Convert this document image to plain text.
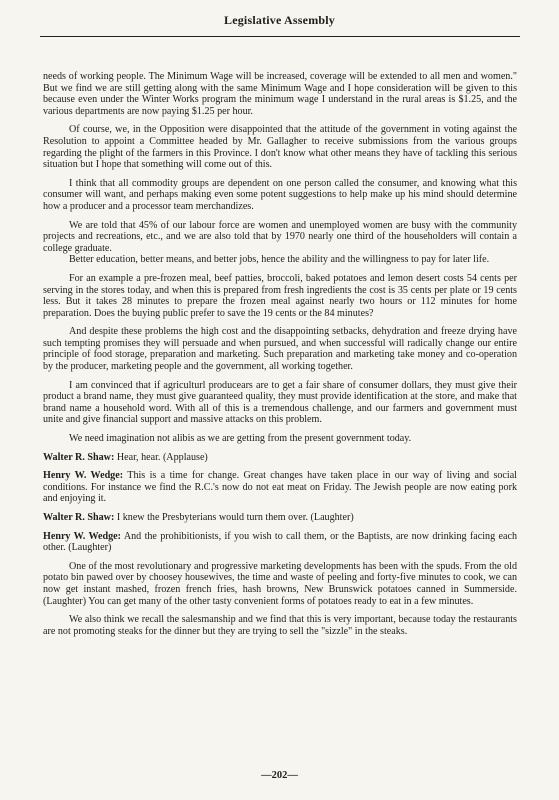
Legislative Assembly

needs of working people. The Minimum Wage will be increased, coverage will be extended to all men and women." But we find we are still getting along with the same Minimum Wage and I hope consideration will be given to this because even under the Winter Works program the minimum wage I understand in the rural areas is $1.25, and the various departments are now paying $1.25 per hour.

Of course, we, in the Opposition were disappointed that the attitude of the government in voting against the Resolution to appoint a Committee headed by Mr. Gallagher to receive submissions from the various groups regarding the plight of the farmers in this Province. I don't know what other means they have of tackling this serious situation but I hope that something will come out of this.

I think that all commodity groups are dependent on one person called the consumer, and knowing what this consumer will want, and perhaps making even some potent suggestions to help make up his mind should determine how a producer and a processor team merchandizes.

We are told that 45% of our labour force are women and unemployed women are busy with the community projects and recreations, etc., and we are also told that by 1970 nearly one third of the householders will contain a college graduate.

Better education, better means, and better jobs, hence the ability and the willingness to pay for later life.

For an example a pre-frozen meal, beef patties, broccoli, baked potatoes and lemon desert costs 54 cents per serving in the stores today, and when this is prepared from fresh ingredients the cost is 35 cents per plate or 19 cents less. But it takes 28 minutes to prepare the frozen meal against nearly two hours or 112 minutes for home preparation. Does the buying public prefer to save the 19 cents or the 84 minutes?

And despite these problems the high cost and the disappointing setbacks, dehydration and freeze drying have such tempting promises they will persuade and when pursued, and when successful will radically change our entire principle of food storage, preparation and marketing. Such preparation and marketing take money and co-operation by the producer, marketing people and the government, all working together.

I am convinced that if agriculturl producears are to get a fair share of consumer dollars, they must give their product a brand name, they must give guaranteed quality, they must provide identification at the store, and make that brand name a household word. With all of this is a tremendous challenge, and our farmers and government must unite and give financial support and massive attacks on this problem.

We need imagination not alibis as we are getting from the present government today.

Walter R. Shaw: Hear, hear. (Applause)

Henry W. Wedge: This is a time for change. Great changes have taken place in our way of living and social conditions. For instance we find the R.C.'s now do not eat meat on Friday. The Jewish people are now eating pork and enjoying it.

Walter R. Shaw: I knew the Presbyterians would turn them over. (Laughter)

Henry W. Wedge: And the prohibitionists, if you wish to call them, or the Baptists, are now drinking facing each other. (Laughter)

One of the most revolutionary and progressive marketing developments has been with the spuds. From the old potato bin pawed over by choosey housewives, the time and waste of peeling and forty-five minutes to cook, we can now get instant mashed, frozen french fries, hash browns, New Brunswick potatoes canned in Summerside. (Laughter) You can get many of the other tasty convenient forms of potatoes ready to eat in a few minutes.

We also think we recall the salesmanship and we find that this is very important, because today the restaurants are not promoting steaks for the dinner but they are trying to sell the "sizzle" in the steaks.

—202—
